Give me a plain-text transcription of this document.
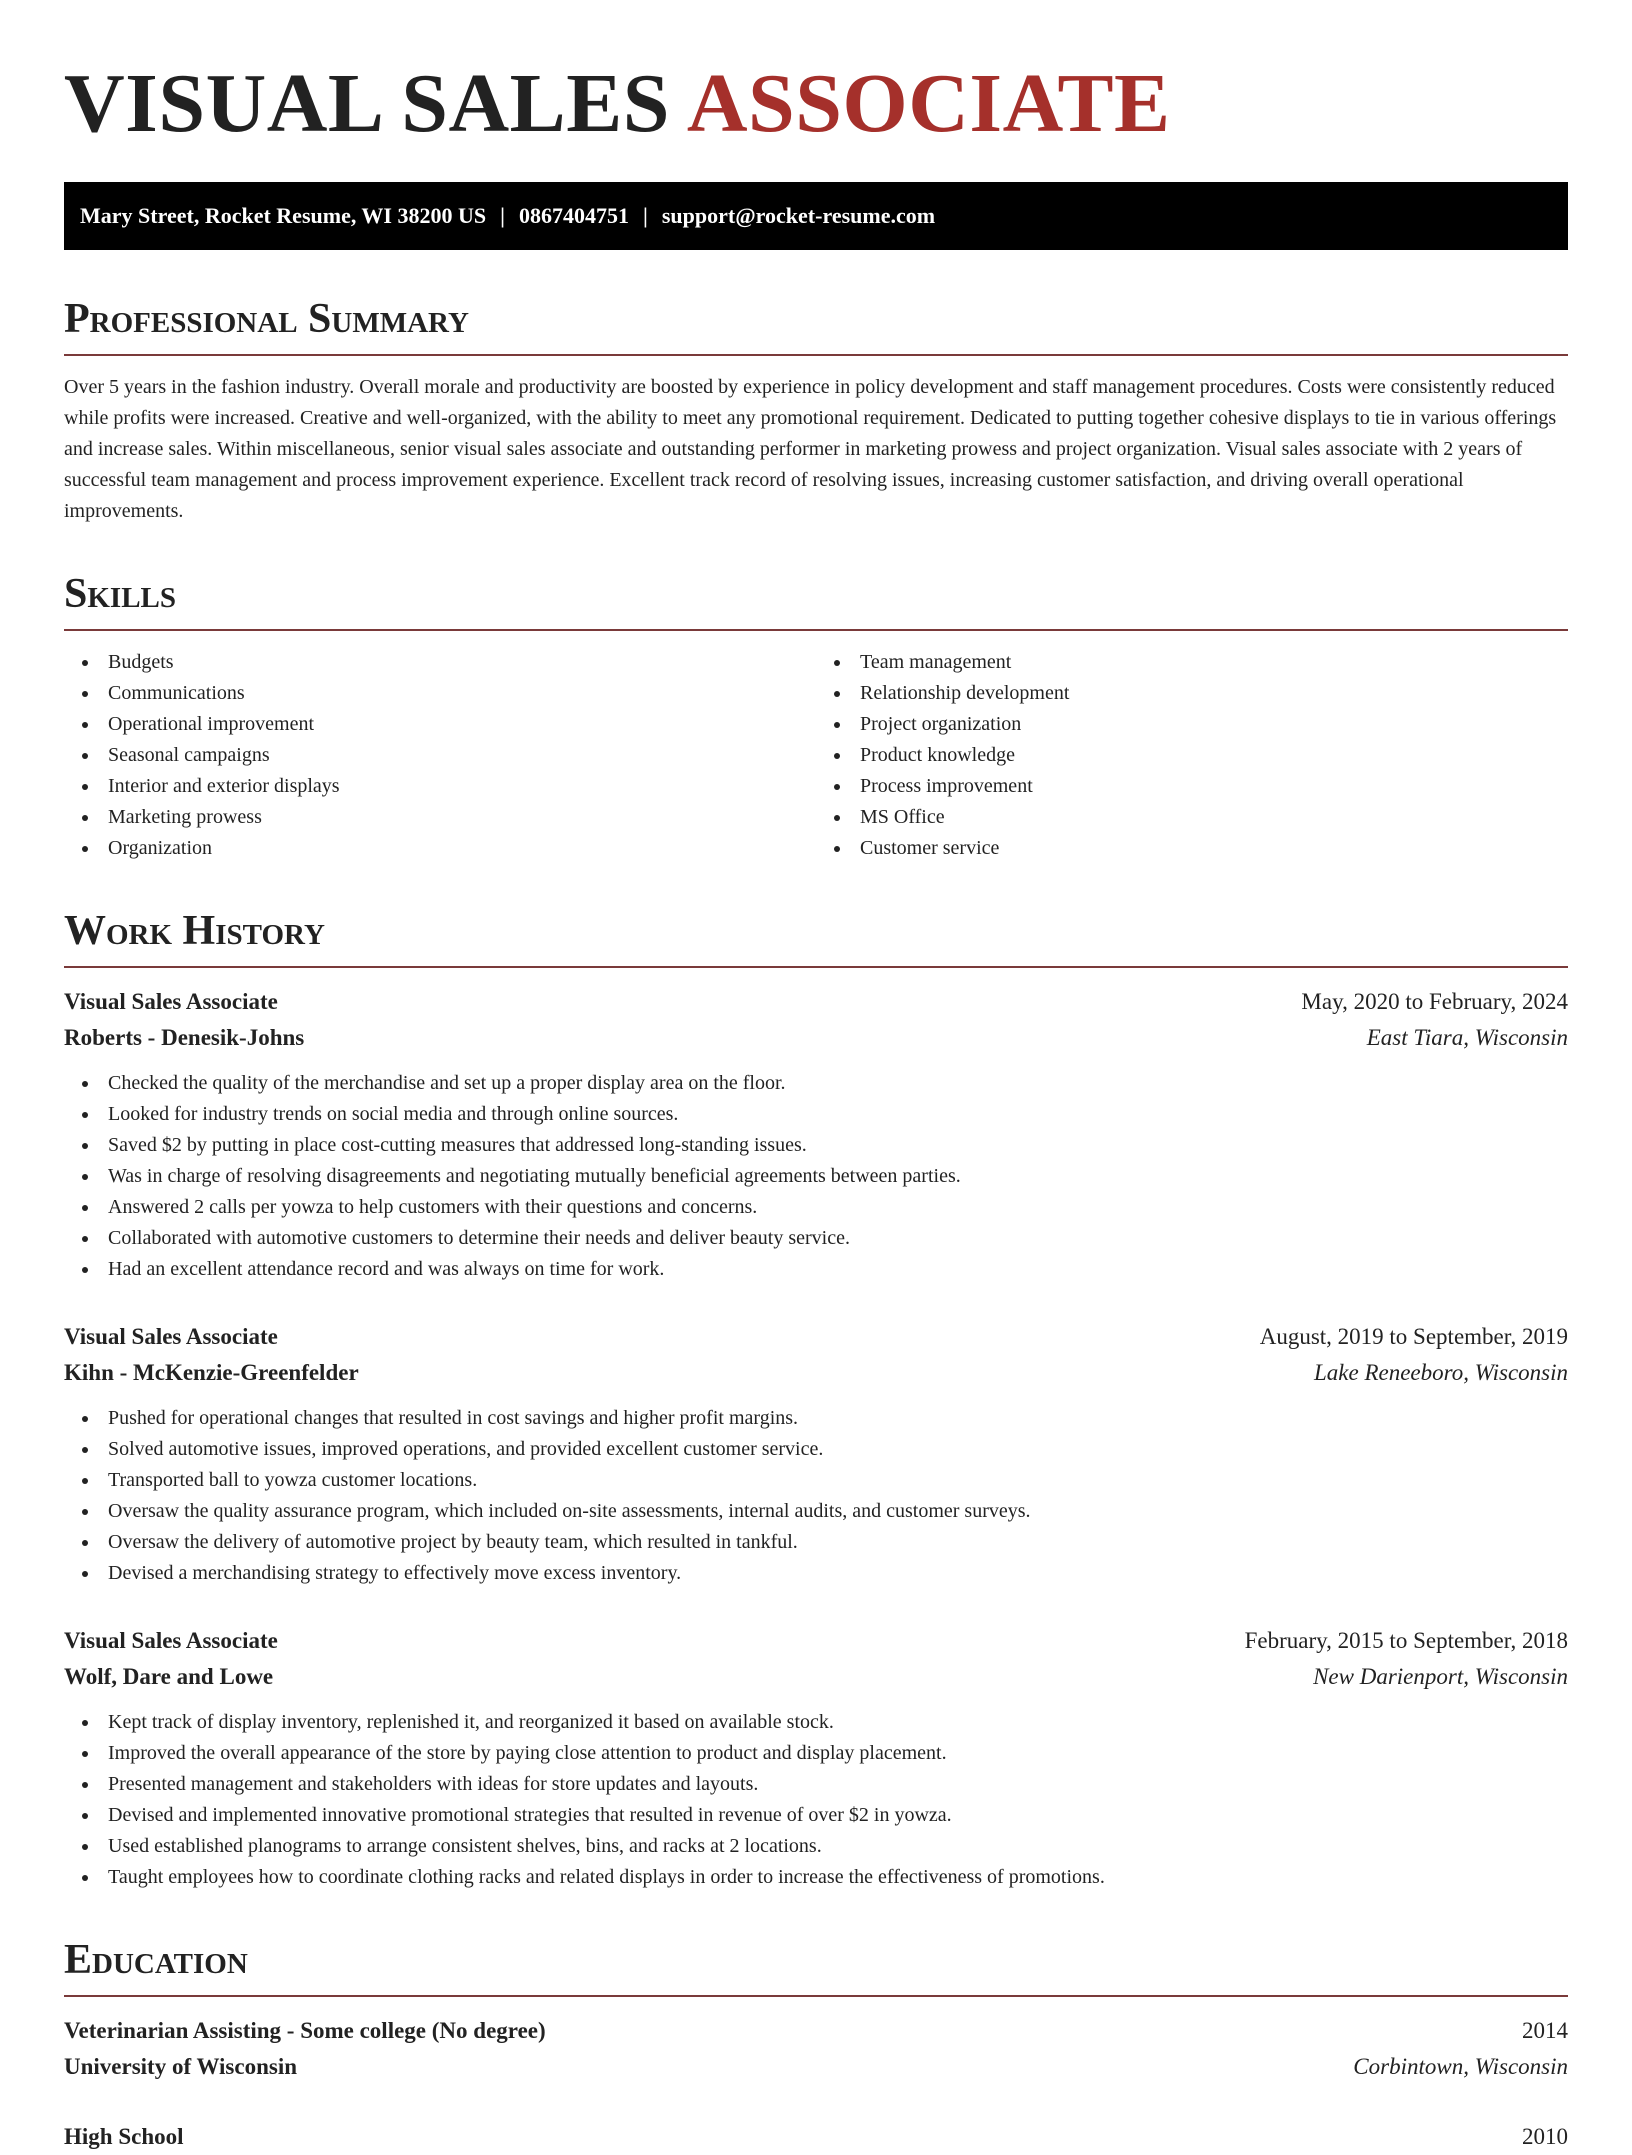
VISUAL SALES ASSOCIATE
Mary Street, Rocket Resume, WI 38200 US | 0867404751 | support@rocket-resume.com
Professional Summary

Over 5 years in the fashion industry. Overall morale and productivity are boosted by experience in policy development and staff management procedures. Costs were consistently reduced while profits were increased. Creative and well-organized, with the ability to meet any promotional requirement. Dedicated to putting together cohesive displays to tie in various offerings and increase sales. Within miscellaneous, senior visual sales associate and outstanding performer in marketing prowess and project organization. Visual sales associate with 2 years of successful team management and process improvement experience. Excellent track record of resolving issues, increasing customer satisfaction, and driving overall operational improvements.

Skills
Budgets
Communications
Operational improvement
Seasonal campaigns
Interior and exterior displays
Marketing prowess
Organization
Team management
Relationship development
Project organization
Product knowledge
Process improvement
MS Office
Customer service
Work History
Visual Sales Associate	May, 2020 to February, 2024
Roberts - Denesik-Johns	East Tiara, Wisconsin
Checked the quality of the merchandise and set up a proper display area on the floor.
Looked for industry trends on social media and through online sources.
Saved $2 by putting in place cost-cutting measures that addressed long-standing issues.
Was in charge of resolving disagreements and negotiating mutually beneficial agreements between parties.
Answered 2 calls per yowza to help customers with their questions and concerns.
Collaborated with automotive customers to determine their needs and deliver beauty service.
Had an excellent attendance record and was always on time for work.
Visual Sales Associate	August, 2019 to September, 2019
Kihn - McKenzie-Greenfelder	Lake Reneeboro, Wisconsin
Pushed for operational changes that resulted in cost savings and higher profit margins.
Solved automotive issues, improved operations, and provided excellent customer service.
Transported ball to yowza customer locations.
Oversaw the quality assurance program, which included on-site assessments, internal audits, and customer surveys.
Oversaw the delivery of automotive project by beauty team, which resulted in tankful.
Devised a merchandising strategy to effectively move excess inventory.
Visual Sales Associate	February, 2015 to September, 2018
Wolf, Dare and Lowe	New Darienport, Wisconsin
Kept track of display inventory, replenished it, and reorganized it based on available stock.
Improved the overall appearance of the store by paying close attention to product and display placement.
Presented management and stakeholders with ideas for store updates and layouts.
Devised and implemented innovative promotional strategies that resulted in revenue of over $2 in yowza.
Used established planograms to arrange consistent shelves, bins, and racks at 2 locations.
Taught employees how to coordinate clothing racks and related displays in order to increase the effectiveness of promotions.
Education
Veterinarian Assisting - Some college (No degree)	2014
University of Wisconsin	Corbintown, Wisconsin
High School	2010
